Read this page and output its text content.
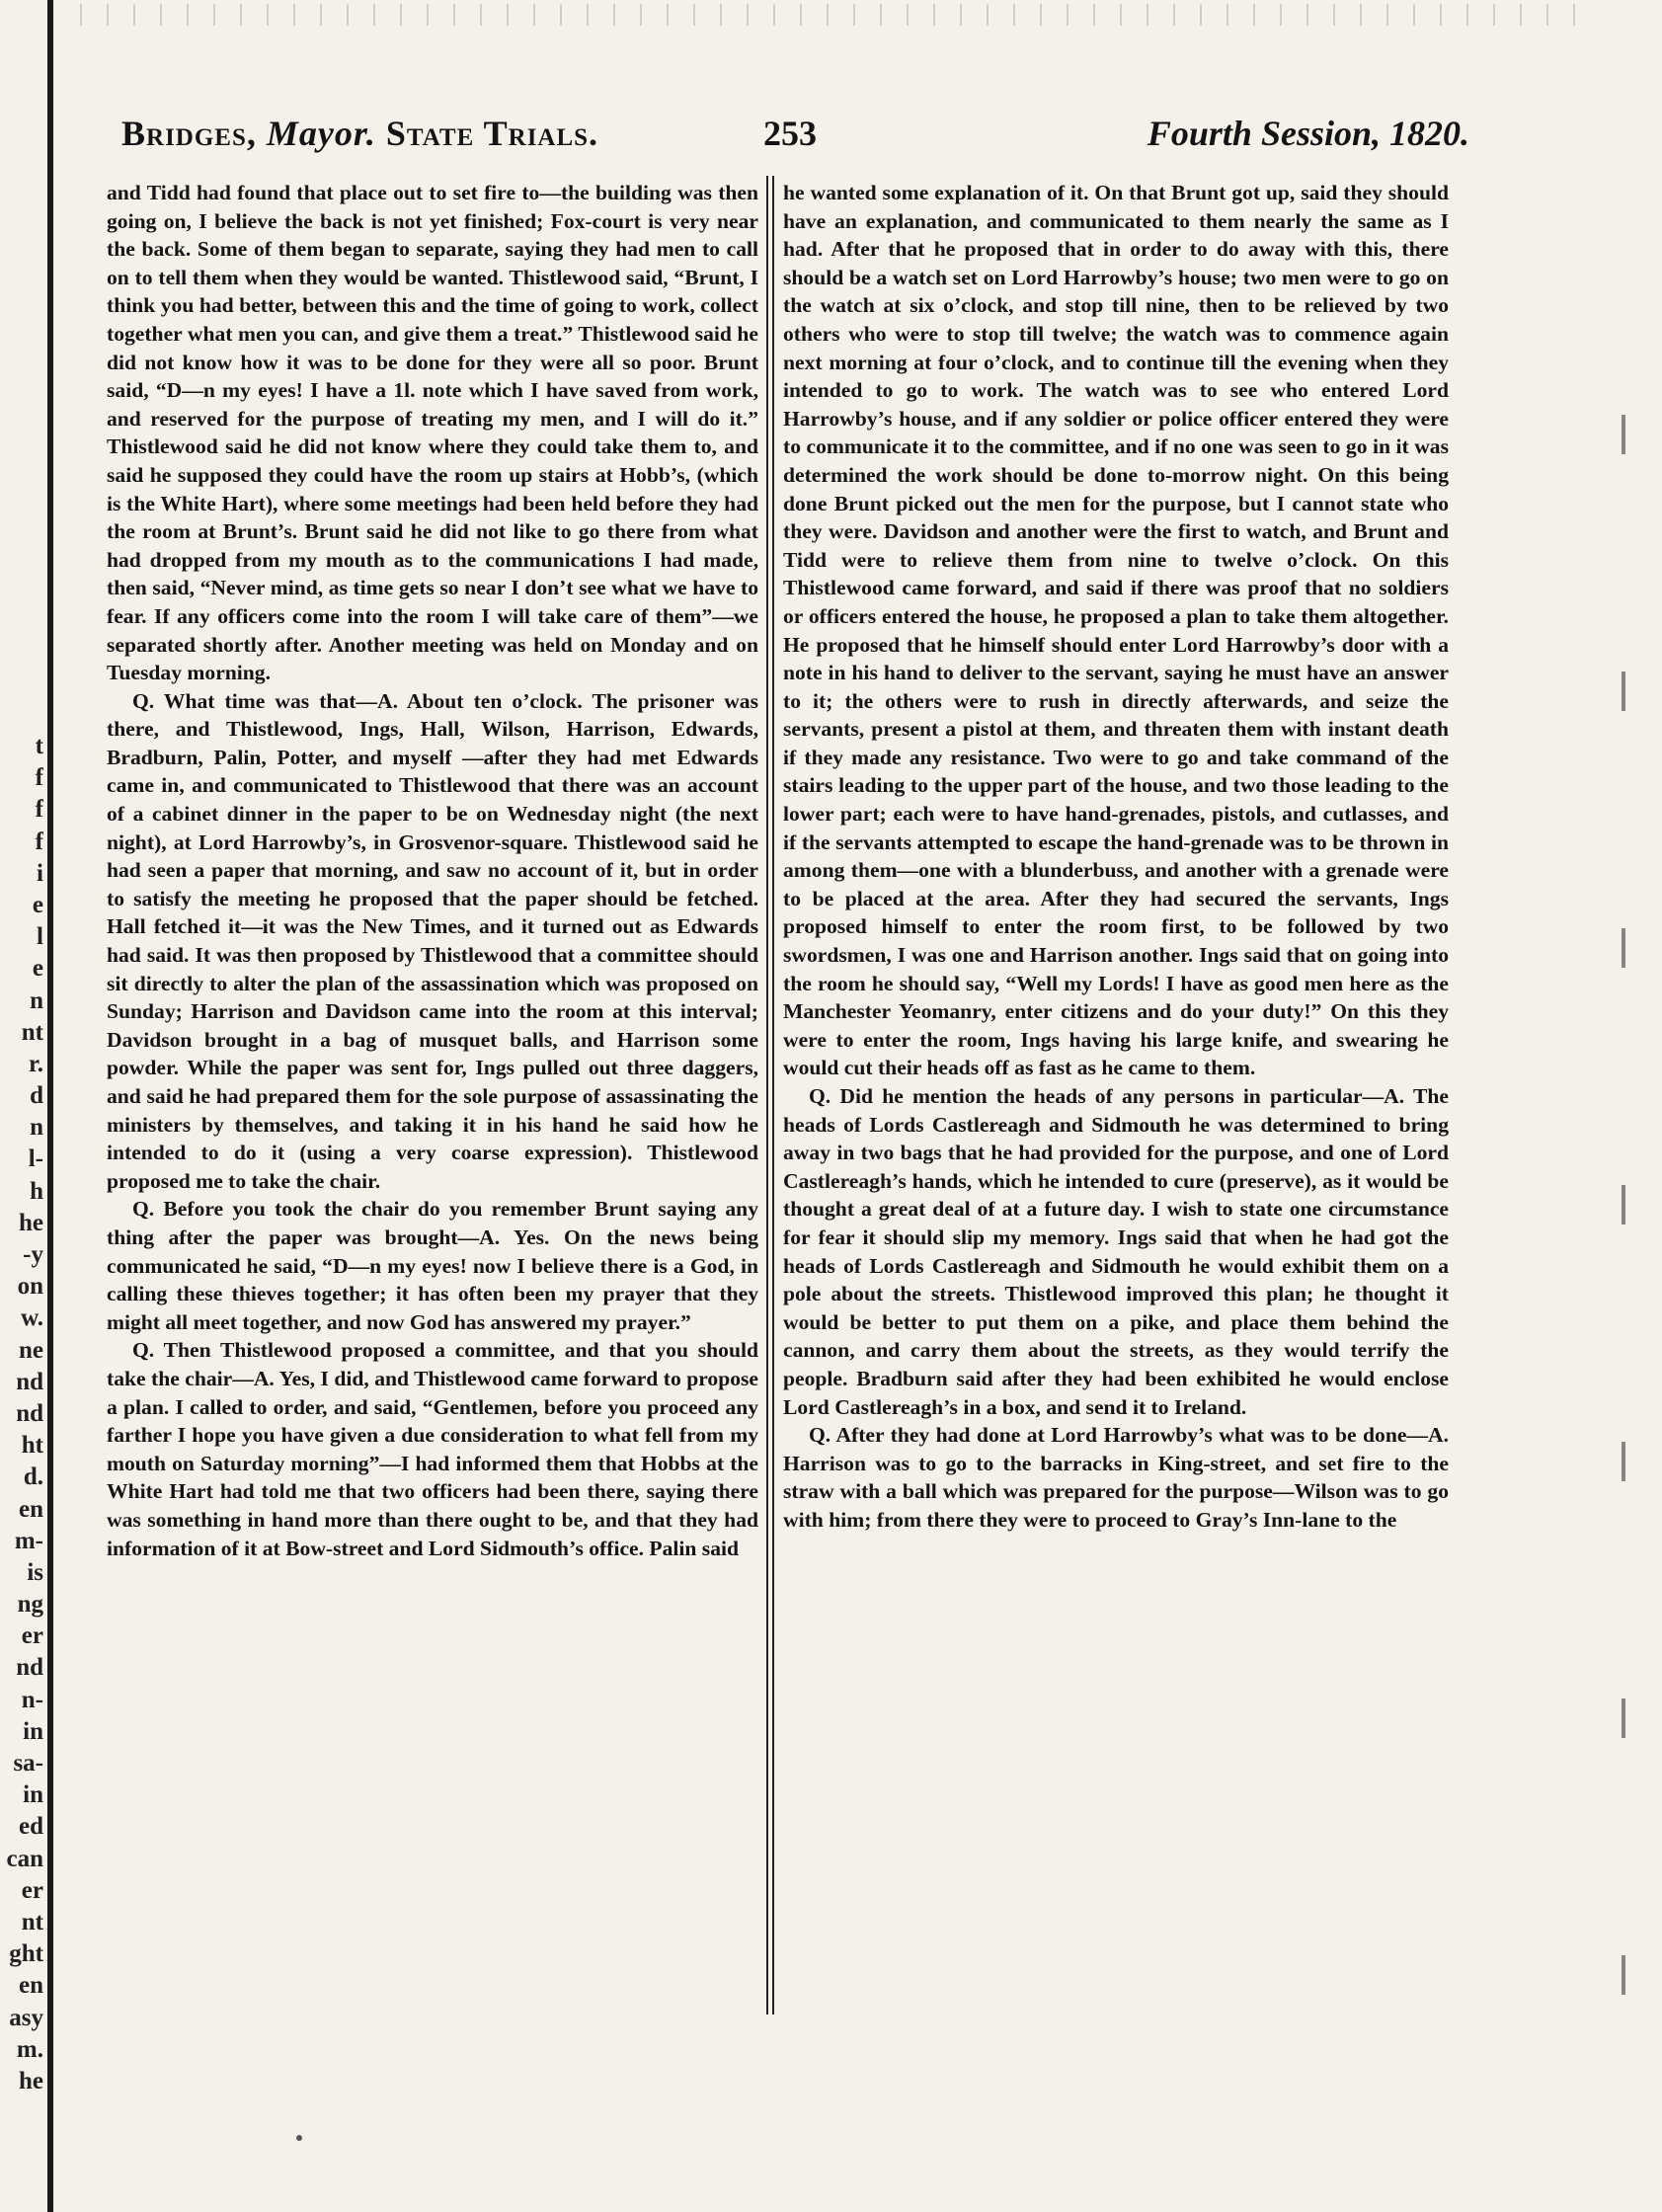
t
f
f
f
i
e
l
e
n
nt
r.
d
n
l-
h
he
-y
on
w.
ne
nd
nd
ht
d.
en
m-
is
ng
er
nd
n-
in
sa-
in
ed
can
er
nt
ght
en
asy
m.
he
Bridges, Mayor. State Trials.	253	Fourth Session, 1820.

and Tidd had found that place out to set fire to—the building was then going on, I believe the back is not yet finished; Fox-court is very near the back. Some of them began to separate, saying they had men to call on to tell them when they would be wanted. Thistlewood said, “Brunt, I think you had better, between this and the time of going to work, collect together what men you can, and give them a treat.” Thistlewood said he did not know how it was to be done for they were all so poor. Brunt said, “D—n my eyes! I have a 1l. note which I have saved from work, and reserved for the purpose of treating my men, and I will do it.” Thistlewood said he did not know where they could take them to, and said he supposed they could have the room up stairs at Hobb’s, (which is the White Hart), where some meetings had been held before they had the room at Brunt’s. Brunt said he did not like to go there from what had dropped from my mouth as to the communications I had made, then said, “Never mind, as time gets so near I don’t see what we have to fear. If any officers come into the room I will take care of them”—we separated shortly after. Another meeting was held on Monday and on Tuesday morning.

Q. What time was that—A. About ten o’clock. The prisoner was there, and Thistlewood, Ings, Hall, Wilson, Harrison, Edwards, Bradburn, Palin, Potter, and myself —after they had met Edwards came in, and communicated to Thistlewood that there was an account of a cabinet dinner in the paper to be on Wednesday night (the next night), at Lord Harrowby’s, in Grosvenor-square. Thistlewood said he had seen a paper that morning, and saw no account of it, but in order to satisfy the meeting he proposed that the paper should be fetched. Hall fetched it—it was the New Times, and it turned out as Edwards had said. It was then proposed by Thistlewood that a committee should sit directly to alter the plan of the assassination which was proposed on Sunday; Harrison and Davidson came into the room at this interval; Davidson brought in a bag of musquet balls, and Harrison some powder. While the paper was sent for, Ings pulled out three daggers, and said he had prepared them for the sole purpose of assassinating the ministers by themselves, and taking it in his hand he said how he intended to do it (using a very coarse expression). Thistlewood proposed me to take the chair.

Q. Before you took the chair do you remember Brunt saying any thing after the paper was brought—A. Yes. On the news being communicated he said, “D—n my eyes! now I believe there is a God, in calling these thieves together; it has often been my prayer that they might all meet together, and now God has answered my prayer.”

Q. Then Thistlewood proposed a committee, and that you should take the chair—A. Yes, I did, and Thistlewood came forward to propose a plan. I called to order, and said, “Gentlemen, before you proceed any farther I hope you have given a due consideration to what fell from my mouth on Saturday morning”—I had informed them that Hobbs at the White Hart had told me that two officers had been there, saying there was something in hand more than there ought to be, and that they had information of it at Bow-street and Lord Sidmouth’s office. Palin said

he wanted some explanation of it. On that Brunt got up, said they should have an explanation, and communicated to them nearly the same as I had. After that he proposed that in order to do away with this, there should be a watch set on Lord Harrowby’s house; two men were to go on the watch at six o’clock, and stop till nine, then to be relieved by two others who were to stop till twelve; the watch was to commence again next morning at four o’clock, and to continue till the evening when they intended to go to work. The watch was to see who entered Lord Harrowby’s house, and if any soldier or police officer entered they were to communicate it to the committee, and if no one was seen to go in it was determined the work should be done to-morrow night. On this being done Brunt picked out the men for the purpose, but I cannot state who they were. Davidson and another were the first to watch, and Brunt and Tidd were to relieve them from nine to twelve o’clock. On this Thistlewood came forward, and said if there was proof that no soldiers or officers entered the house, he proposed a plan to take them altogether. He proposed that he himself should enter Lord Harrowby’s door with a note in his hand to deliver to the servant, saying he must have an answer to it; the others were to rush in directly afterwards, and seize the servants, present a pistol at them, and threaten them with instant death if they made any resistance. Two were to go and take command of the stairs leading to the upper part of the house, and two those leading to the lower part; each were to have hand-grenades, pistols, and cutlasses, and if the servants attempted to escape the hand-grenade was to be thrown in among them—one with a blunderbuss, and another with a grenade were to be placed at the area. After they had secured the servants, Ings proposed himself to enter the room first, to be followed by two swordsmen, I was one and Harrison another. Ings said that on going into the room he should say, “Well my Lords! I have as good men here as the Manchester Yeomanry, enter citizens and do your duty!” On this they were to enter the room, Ings having his large knife, and swearing he would cut their heads off as fast as he came to them.

Q. Did he mention the heads of any persons in particular—A. The heads of Lords Castlereagh and Sidmouth he was determined to bring away in two bags that he had provided for the purpose, and one of Lord Castlereagh’s hands, which he intended to cure (preserve), as it would be thought a great deal of at a future day. I wish to state one circumstance for fear it should slip my memory. Ings said that when he had got the heads of Lords Castlereagh and Sidmouth he would exhibit them on a pole about the streets. Thistlewood improved this plan; he thought it would be better to put them on a pike, and place them behind the cannon, and carry them about the streets, as they would terrify the people. Bradburn said after they had been exhibited he would enclose Lord Castlereagh’s in a box, and send it to Ireland.

Q. After they had done at Lord Harrowby’s what was to be done—A. Harrison was to go to the barracks in King-street, and set fire to the straw with a ball which was prepared for the purpose—Wilson was to go with him; from there they were to proceed to Gray’s Inn-lane to the
